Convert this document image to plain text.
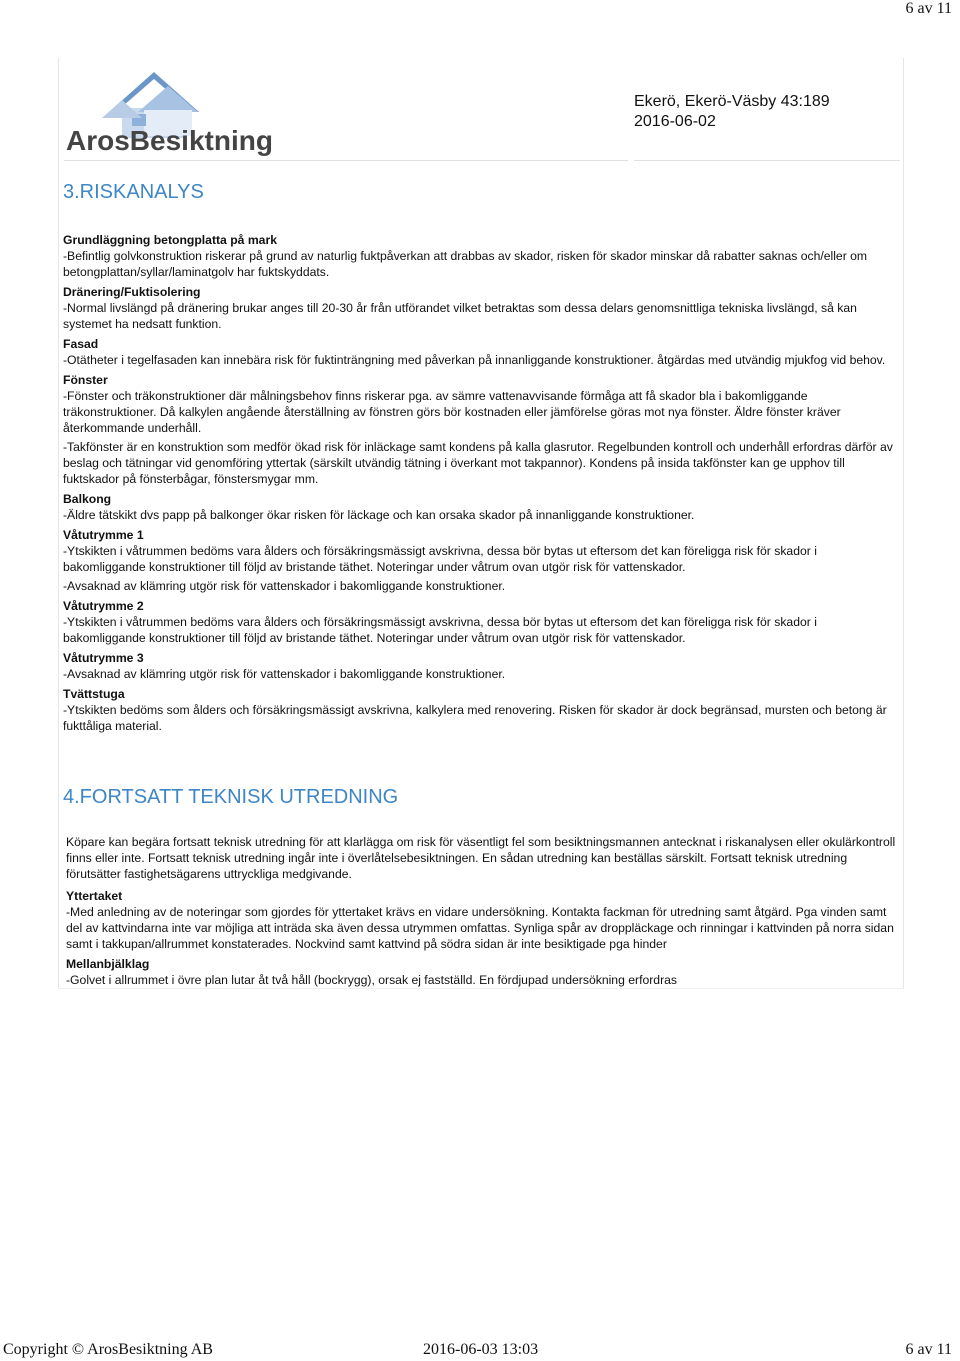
6 av 11
ArosBesiktning
Ekerö, Ekerö-Väsby 43:189
2016-06-02
3.RISKANALYS
Grundläggning betongplatta på mark

-Befintlig golvkonstruktion riskerar på grund av naturlig fuktpåverkan att drabbas av skador, risken för skador minskar då rabatter saknas och/eller om betongplattan/syllar/laminatgolv har fuktskyddats.

Dränering/Fuktisolering

-Normal livslängd på dränering brukar anges till 20-30 år från utförandet vilket betraktas som dessa delars genomsnittliga tekniska livslängd, så kan systemet ha nedsatt funktion.

Fasad

-Otätheter i tegelfasaden kan innebära risk för fuktinträngning med påverkan på innanliggande konstruktioner. åtgärdas med utvändig mjukfog vid behov.

Fönster

-Fönster och träkonstruktioner där målningsbehov finns riskerar pga. av sämre vattenavvisande förmåga att få skador bla i bakomliggande träkonstruktioner. Då kalkylen angående återställning av fönstren görs bör kostnaden eller jämförelse göras mot nya fönster. Äldre fönster kräver återkommande underhåll.

-Takfönster är en konstruktion som medför ökad risk för inläckage samt kondens på kalla glasrutor. Regelbunden kontroll och underhåll erfordras därför av beslag och tätningar vid genomföring yttertak (särskilt utvändig tätning i överkant mot takpannor). Kondens på insida takfönster kan ge upphov till fuktskador på fönsterbågar, fönstersmygar mm.

Balkong

-Äldre tätskikt dvs papp på balkonger ökar risken för läckage och kan orsaka skador på innanliggande konstruktioner.

Våtutrymme 1

-Ytskikten i våtrummen bedöms vara ålders och försäkringsmässigt avskrivna, dessa bör bytas ut eftersom det kan föreligga risk för skador i bakomliggande konstruktioner till följd av bristande täthet. Noteringar under våtrum ovan utgör risk för vattenskador.

-Avsaknad av klämring utgör risk för vattenskador i bakomliggande konstruktioner.

Våtutrymme 2

-Ytskikten i våtrummen bedöms vara ålders och försäkringsmässigt avskrivna, dessa bör bytas ut eftersom det kan föreligga risk för skador i bakomliggande konstruktioner till följd av bristande täthet. Noteringar under våtrum ovan utgör risk för vattenskador.

Våtutrymme 3

-Avsaknad av klämring utgör risk för vattenskador i bakomliggande konstruktioner.

Tvättstuga

-Ytskikten bedöms som ålders och försäkringsmässigt avskrivna, kalkylera med renovering. Risken för skador är dock begränsad, mursten och betong är fukttåliga material.

4.FORTSATT TEKNISK UTREDNING

Köpare kan begära fortsatt teknisk utredning för att klarlägga om risk för väsentligt fel som besiktningsmannen antecknat i riskanalysen eller okulärkontroll finns eller inte. Fortsatt teknisk utredning ingår inte i överlåtelsebesiktningen. En sådan utredning kan beställas särskilt. Fortsatt teknisk utredning förutsätter fastighetsägarens uttryckliga medgivande.

Yttertaket

-Med anledning av de noteringar som gjordes för yttertaket krävs en vidare undersökning. Kontakta fackman för utredning samt åtgärd. Pga vinden samt del av kattvindarna inte var möjliga att inträda ska även dessa utrymmen omfattas. Synliga spår av droppläckage och rinningar i kattvinden på norra sidan samt i takkupan/allrummet konstaterades. Nockvind samt kattvind på södra sidan är inte besiktigade pga hinder

Mellanbjälklag

-Golvet i allrummet i övre plan lutar åt två håll (bockrygg), orsak ej fastställd. En fördjupad undersökning erfordras

Copyright © ArosBesiktning AB	2016-06-03 13:03	6 av 11
